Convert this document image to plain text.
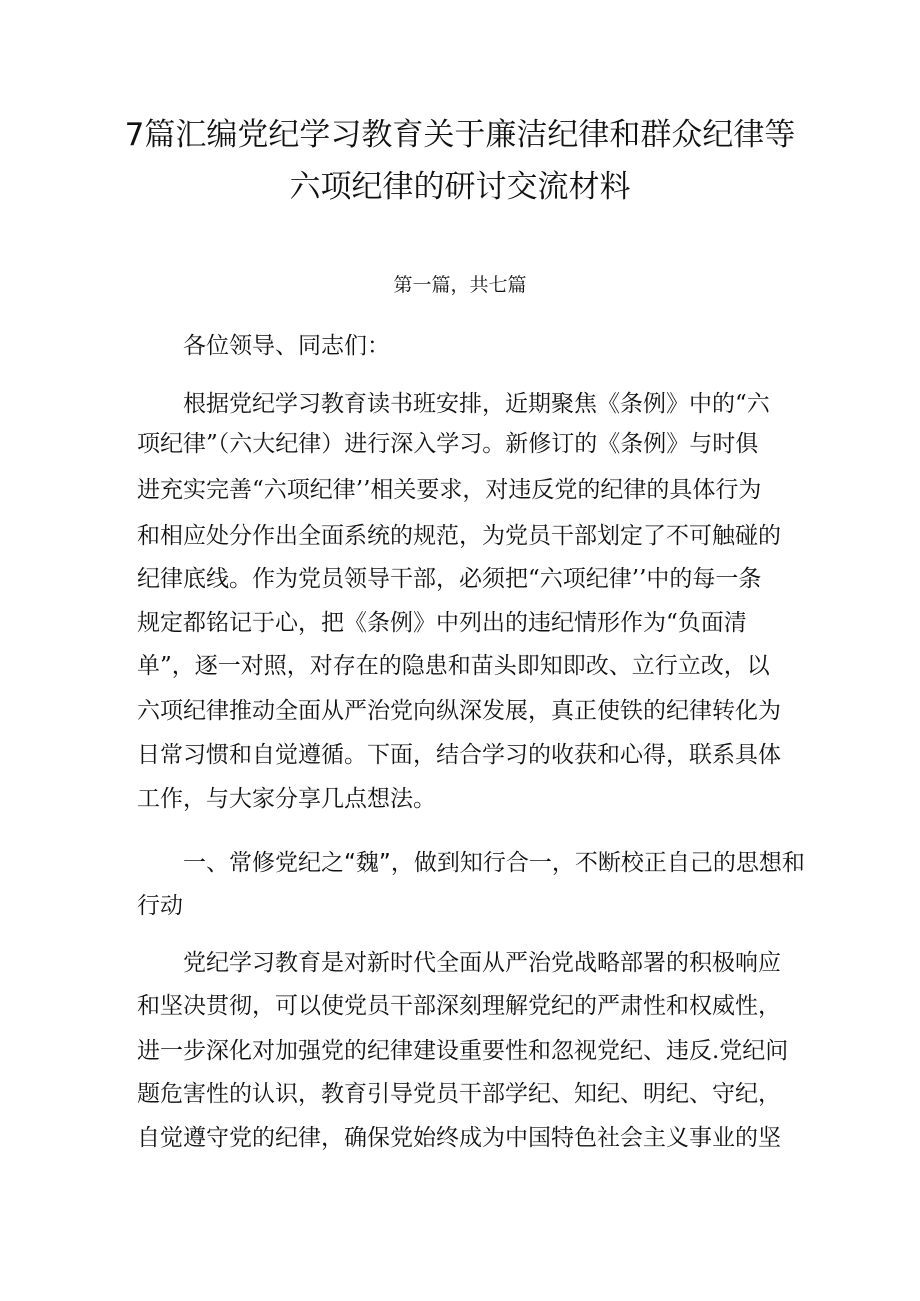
7篇汇编党纪学习教育关于廉洁纪律和群众纪律等
六项纪律的研讨交流材料
第一篇，共七篇
各位领导、同志们：
根据党纪学习教育读书班安排，近期聚焦《条例》中的“六
项纪律”（六大纪律）进行深入学习。新修订的《条例》与时俱
进充实完善“六项纪律’’相关要求，对违反党的纪律的具体行为
和相应处分作出全面系统的规范，为党员干部划定了不可触碰的
纪律底线。作为党员领导干部，必须把“六项纪律’’中的每一条
规定都铭记于心，把《条例》中列出的违纪情形作为“负面清
单”，逐一对照，对存在的隐患和苗头即知即改、立行立改，以
六项纪律推动全面从严治党向纵深发展，真正使铁的纪律转化为
日常习惯和自觉遵循。下面，结合学习的收获和心得，联系具体
工作，与大家分享几点想法。
一、常修党纪之“魏”，做到知行合一，不断校正自己的思想和
行动
党纪学习教育是对新时代全面从严治党战略部署的积极响应
和坚决贯彻，可以使党员干部深刻理解党纪的严肃性和权威性，
进一步深化对加强党的纪律建设重要性和忽视党纪、违反.党纪问
题危害性的认识，教育引导党员干部学纪、知纪、明纪、守纪，
自觉遵守党的纪律，确保党始终成为中国特色社会主义事业的坚
